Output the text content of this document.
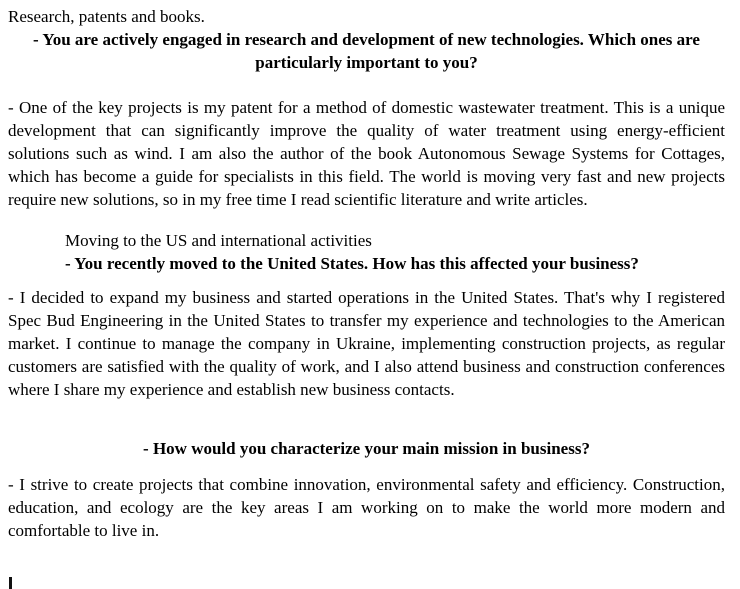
Research, patents and books.

- You are actively engaged in research and development of new technologies. Which ones are particularly important to you?

- One of the key projects is my patent for a method of domestic wastewater treatment. This is a unique development that can significantly improve the quality of water treatment using energy-efficient solutions such as wind. I am also the author of the book Autonomous Sewage Systems for Cottages, which has become a guide for specialists in this field. The world is moving very fast and new projects require new solutions, so in my free time I read scientific literature and write articles.

Moving to the US and international activities

- You recently moved to the United States. How has this affected your business?

- I decided to expand my business and started operations in the United States. That's why I registered Spec Bud Engineering in the United States to transfer my experience and technologies to the American market. I continue to manage the company in Ukraine, implementing construction projects, as regular customers are satisfied with the quality of work, and I also attend business and construction conferences where I share my experience and establish new business contacts.

- How would you characterize your main mission in business?

- I strive to create projects that combine innovation, environmental safety and efficiency. Construction, education, and ecology are the key areas I am working on to make the world more modern and comfortable to live in.
